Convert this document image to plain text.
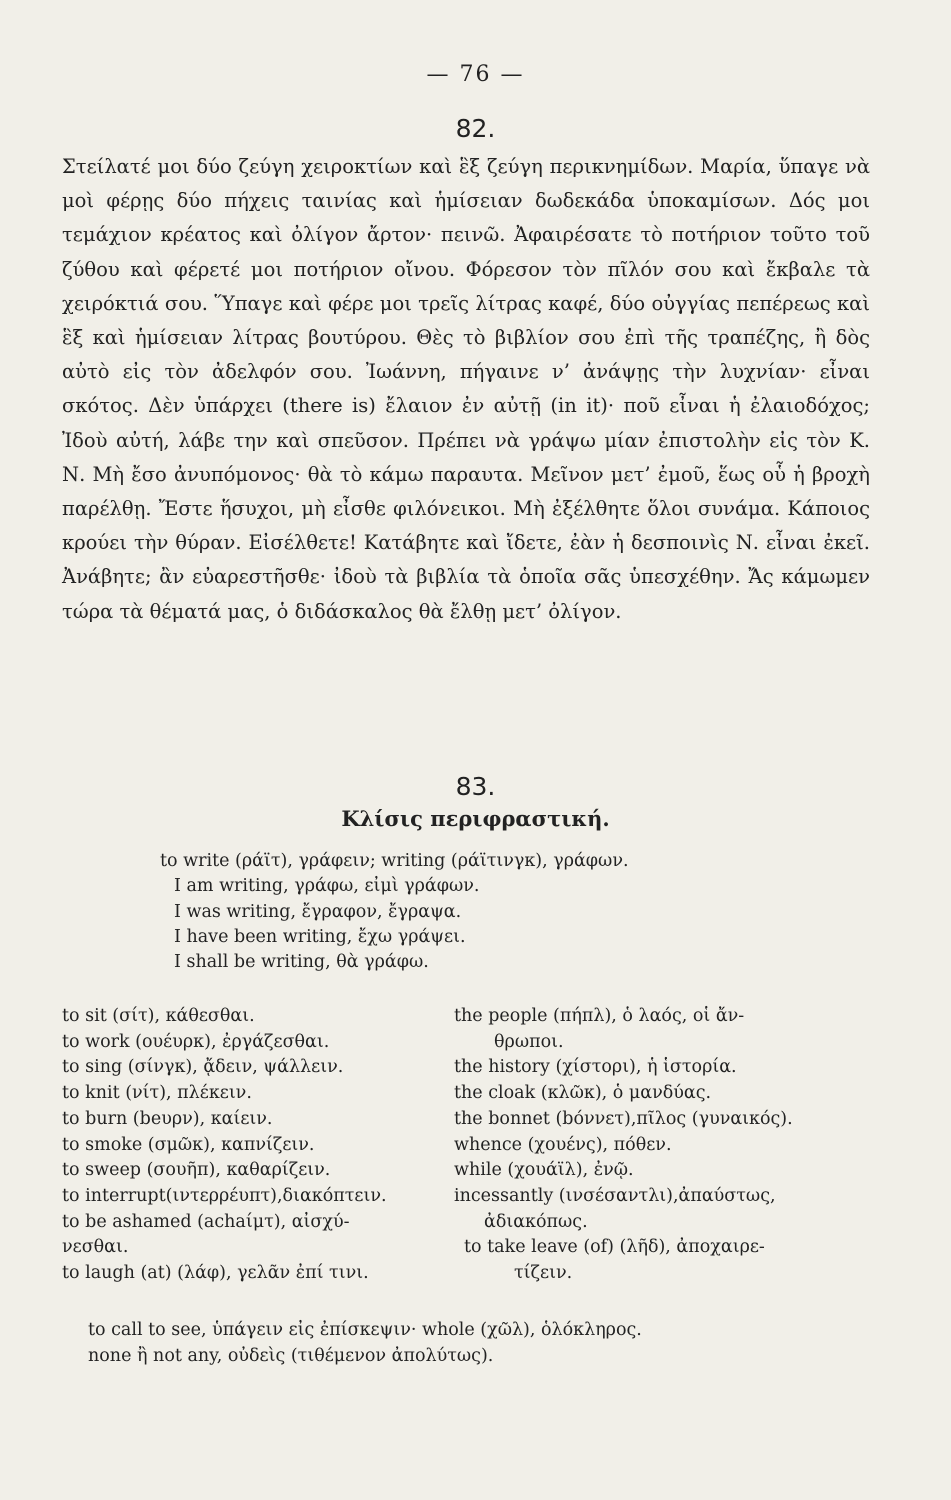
— 76 —
82.

Στείλατέ μοι δύο ζεύγη χειροκτίων καὶ ἓξ ζεύγη περικνημίδων. Μαρία, ὕπαγε νὰ μοὶ φέρῃς δύο πήχεις ταινίας καὶ ἡμίσειαν δωδεκάδα ὑποκαμίσων. Δός μοι τεμάχιον κρέατος καὶ ὀλίγον ἄρτον· πεινῶ. Ἀφαιρέσατε τὸ ποτήριον τοῦτο τοῦ ζύθου καὶ φέρετέ μοι ποτήριον οἴνου. Φόρεσον τὸν πῖλόν σου καὶ ἔκβαλε τὰ χειρόκτιά σου. Ὕπαγε καὶ φέρε μοι τρεῖς λίτρας καφέ, δύο οὐγγίας πεπέρεως καὶ ἓξ καὶ ἡμίσειαν λίτρας βουτύρου. Θὲς τὸ βιβλίον σου ἐπὶ τῆς τραπέζης, ἢ δὸς αὐτὸ εἰς τὸν ἀδελφόν σου. Ἰωάννη, πήγαινε ν’ ἀνάψῃς τὴν λυχνίαν· εἶναι σκότος. Δὲν ὑπάρχει (there is) ἔλαιον ἐν αὐτῇ (in it)· ποῦ εἶναι ἡ ἐλαιοδόχος; Ἰδοὺ αὐτή, λάβε την καὶ σπεῦσον. Πρέπει νὰ γράψω μίαν ἐπιστολὴν εἰς τὸν Κ. Ν. Μὴ ἔσο ἀνυπόμονος· θὰ τὸ κάμω παραυτα. Μεῖνον μετ’ ἐμοῦ, ἕως οὗ ἡ βροχὴ παρέλθῃ. Ἔστε ἥσυχοι, μὴ εἶσθε φιλόνεικοι. Μὴ ἐξέλθητε ὅλοι συνάμα. Κάποιος κρούει τὴν θύραν. Εἰσέλθετε! Κατάβητε καὶ ἴδετε, ἐὰν ἡ δεσποινὶς Ν. εἶναι ἐκεῖ. Ἀνάβητε; ἂν εὐαρεστῆσθε· ἰδοὺ τὰ βιβλία τὰ ὁποῖα σᾶς ὑπεσχέθην. Ἄς κάμωμεν τώρα τὰ θέματά μας, ὁ διδάσκαλος θὰ ἔλθῃ μετ’ ὀλίγον.

83.
Κλίσις περιφραστική.
to write (ράϊτ), γράφειν; writing (ράϊτινγκ), γράφων.
I am writing, γράφω, εἰμὶ γράφων.
I was writing, ἔγραφον, ἔγραψα.
I have been writing, ἔχω γράψει.
I shall be writing, θὰ γράφω.
to sit (σίτ), κάθεσθαι.
to work (ουέυρκ), ἐργάζεσθαι.
to sing (σίνγκ), ᾄδειν, ψάλλειν.
to knit (νίτ), πλέκειν.
to burn (beυρν), καίειν.
to smoke (σμῶκ), καπνίζειν.
to sweep (σουῆπ), καθαρίζειν.
to interrupt(ιντερρέυπτ),διακόπτειν.
to be ashamed (achaίμτ), αἰσχύ-
νεσθαι.
to laugh (at) (λάφ), γελᾶν ἐπί τινι.
the people (πήπλ), ὁ λαός, οἱ ἄν-
θρωποι.
the history (χίστορι), ἡ ἱστορία.
the cloak (κλῶκ), ὁ μανδύας.
the bonnet (bόννετ),πῖλος (γυναικός).
whence (χουένς), πόθεν.
while (χουάϊλ), ἐνῷ.
incessantly (ινσέσαντλι),ἀπαύστως,
ἀδιακόπως.
to take leave (of) (λῆδ), ἀποχαιρε-
τίζειν.
to call to see, ὑπάγειν εἰς ἐπίσκεψιν· whole (χῶλ), ὁλόκληρος.
none ἢ not any, οὐδεὶς (τιθέμενον ἀπολύτως).
